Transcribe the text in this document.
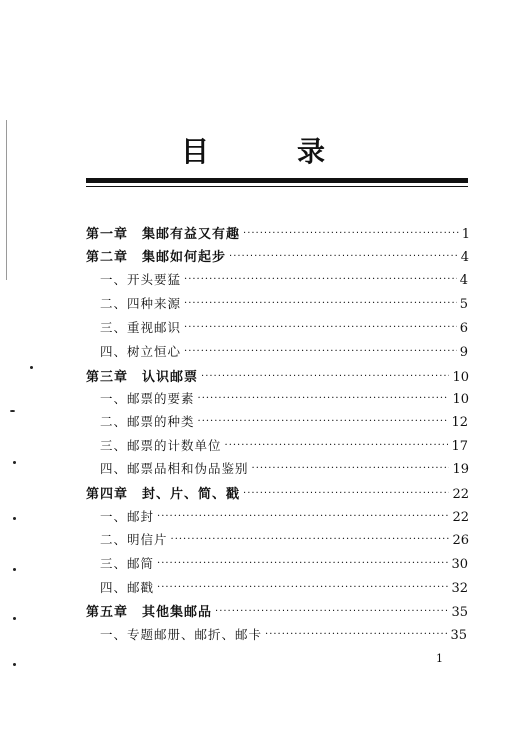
目　录
第一章　集邮有益又有趣 ·····	1
第二章　集邮如何起步 ·····	4
一、开头要猛 ·····	4
二、四种来源 ·····	5
三、重视邮识 ·····	6
四、树立恒心 ·····	9
第三章　认识邮票 ·····	10
一、邮票的要素 ·····	10
二、邮票的种类 ·····	12
三、邮票的计数单位 ·····	17
四、邮票品相和伪品鉴别 ·····	19
第四章　封、片、简、戳 ·····	22
一、邮封 ·····	22
二、明信片 ·····	26
三、邮简 ·····	30
四、邮戳 ·····	32
第五章　其他集邮品 ·····	35
一、专题邮册、邮折、邮卡 ·····	35
1
